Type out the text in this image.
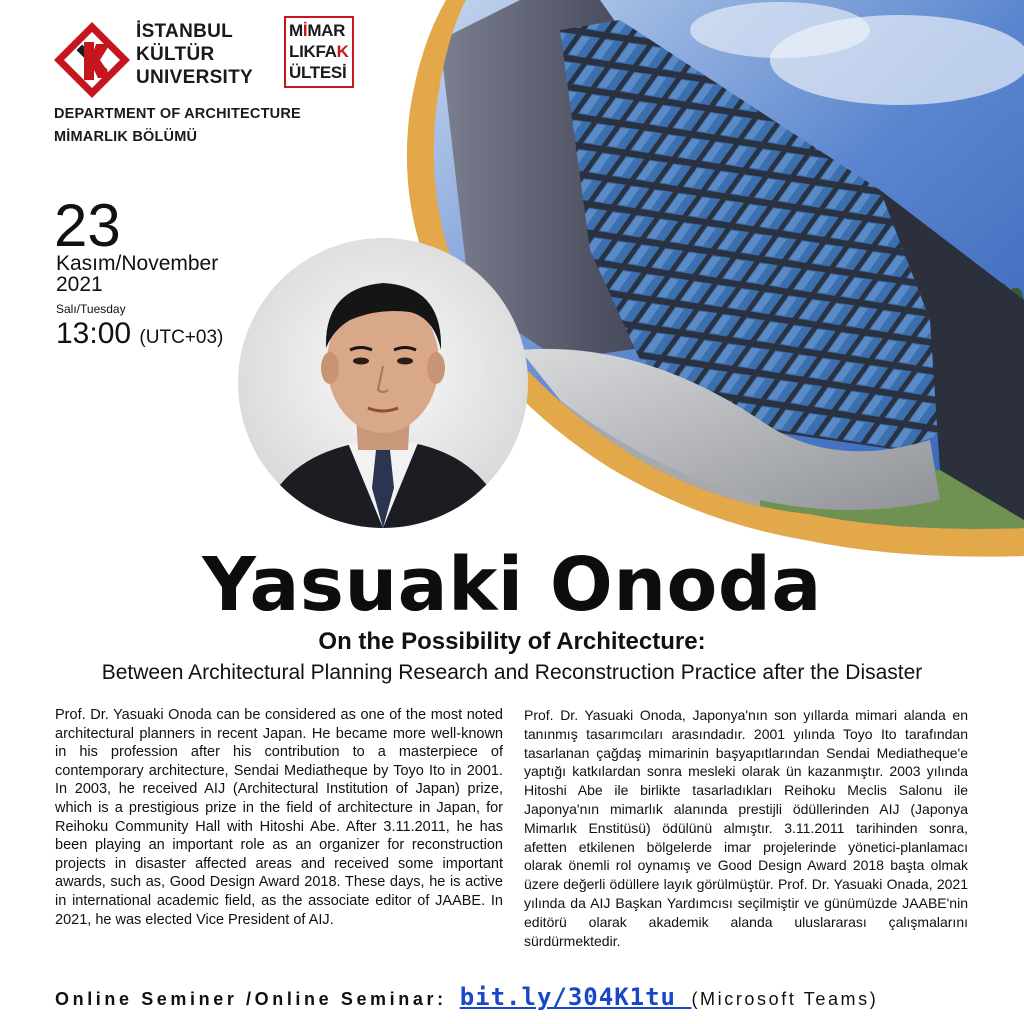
İSTANBUL
KÜLTÜR
UNIVERSITY
MİMAR
LIKFAK
ÜLTESİ
DEPARTMENT OF ARCHITECTURE
MİMARLIK BÖLÜMÜ
23
Kasım/November
2021
Salı/Tuesday
13:00 (UTC+03)
Yasuaki Onoda
On the Possibility of Architecture:
Between Architectural Planning Research and Reconstruction Practice after the Disaster
Prof. Dr. Yasuaki Onoda can be considered as one of the most noted architectural planners in recent Japan. He became more well-known in his profession after his contribution to a masterpiece of contemporary architecture, Sendai Mediatheque by Toyo Ito in 2001. In 2003, he received AIJ (Architectural Institution of Japan) prize, which is a prestigious prize in the field of architecture in Japan, for Reihoku Community Hall with Hitoshi Abe. After 3.11.2011, he has been playing an important role as an organizer for reconstruction projects in disaster affected areas and received some important awards, such as, Good Design Award 2018. These days, he is active in international academic field, as the associate editor of JAABE. In 2021, he was elected Vice President of AIJ.
Prof. Dr. Yasuaki Onoda, Japonya'nın son yıllarda mimari alanda en tanınmış tasarımcıları arasındadır. 2001 yılında Toyo Ito tarafından tasarlanan çağdaş mimarinin başyapıtlarından Sendai Mediatheque'e yaptığı katkılardan sonra mesleki olarak ün kazanmıştır. 2003 yılında Hitoshi Abe ile birlikte tasarladıkları Reihoku Meclis Salonu ile Japonya'nın mimarlık alanında prestijli ödüllerinden AIJ (Japonya Mimarlık Enstitüsü) ödülünü almıştır. 3.11.2011 tarihinden sonra, afetten etkilenen bölgelerde imar projelerinde yönetici-planlamacı olarak önemli rol oynamış ve Good Design Award 2018 başta olmak üzere değerli ödüllere layık görülmüştür. Prof. Dr. Yasuaki Onada, 2021 yılında da AIJ Başkan Yardımcısı seçilmiştir ve günümüzde JAABE'nin editörü olarak akademik alanda uluslararası çalışmalarını sürdürmektedir.
Online Seminer /Online Seminar: bit.ly/304K1tu (Microsoft Teams)
